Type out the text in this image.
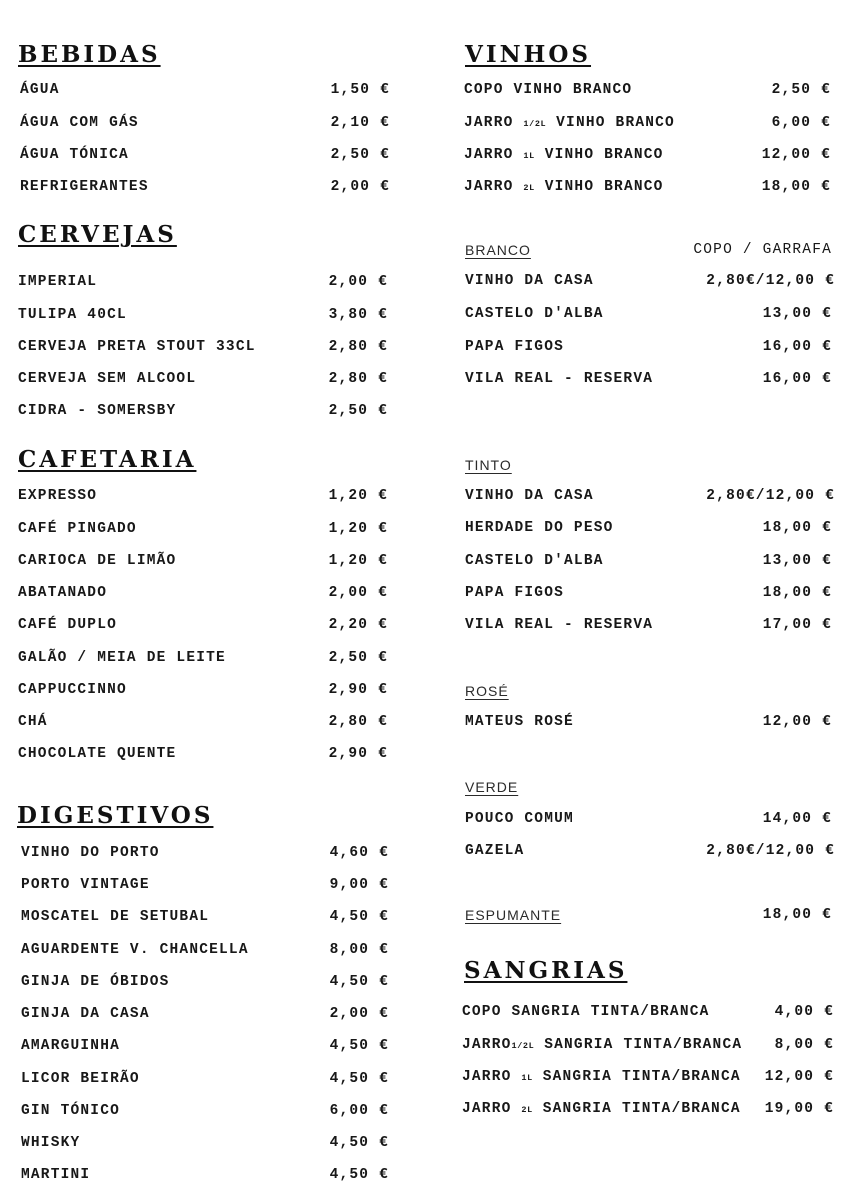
BEBIDAS
ÁGUA	1,50 €
ÁGUA COM GÁS	2,10 €
ÁGUA TÓNICA	2,50 €
REFRIGERANTES	2,00 €
CERVEJAS
IMPERIAL	2,00 €
TULIPA 40CL	3,80 €
CERVEJA PRETA STOUT 33CL	2,80 €
CERVEJA SEM ALCOOL	2,80 €
CIDRA - SOMERSBY	2,50 €
CAFETARIA
EXPRESSO	1,20 €
CAFÉ PINGADO	1,20 €
CARIOCA DE LIMÃO	1,20 €
ABATANADO	2,00 €
CAFÉ DUPLO	2,20 €
GALÃO / MEIA DE LEITE	2,50 €
CAPPUCCINNO	2,90 €
CHÁ	2,80 €
CHOCOLATE QUENTE	2,90 €
DIGESTIVOS
VINHO DO PORTO	4,60 €
PORTO VINTAGE	9,00 €
MOSCATEL DE SETUBAL	4,50 €
AGUARDENTE V. CHANCELLA	8,00 €
GINJA DE ÓBIDOS	4,50 €
GINJA DA CASA	2,00 €
AMARGUINHA	4,50 €
LICOR BEIRÃO	4,50 €
GIN TÓNICO	6,00 €
WHISKY	4,50 €
MARTINI	4,50 €
VINHOS
COPO VINHO BRANCO	2,50 €
JARRO 1/2L VINHO BRANCO	6,00 €
JARRO 1L VINHO BRANCO	12,00 €
JARRO 2L VINHO BRANCO	18,00 €
BRANCO	COPO / GARRAFA
VINHO DA CASA	2,80€/12,00 €
CASTELO D'ALBA	13,00 €
PAPA FIGOS	16,00 €
VILA REAL - RESERVA	16,00 €
TINTO
VINHO DA CASA	2,80€/12,00 €
HERDADE DO PESO	18,00 €
CASTELO D'ALBA	13,00 €
PAPA FIGOS	18,00 €
VILA REAL - RESERVA	17,00 €
ROSÉ
MATEUS ROSÉ	12,00 €
VERDE
POUCO COMUM	14,00 €
GAZELA	2,80€/12,00 €
ESPUMANTE	18,00 €
SANGRIAS
COPO SANGRIA TINTA/BRANCA	4,00 €
JARRO1/2L SANGRIA TINTA/BRANCA 8,00 €
JARRO 1L SANGRIA TINTA/BRANCA 12,00 €
JARRO 2L SANGRIA TINTA/BRANCA 19,00 €
